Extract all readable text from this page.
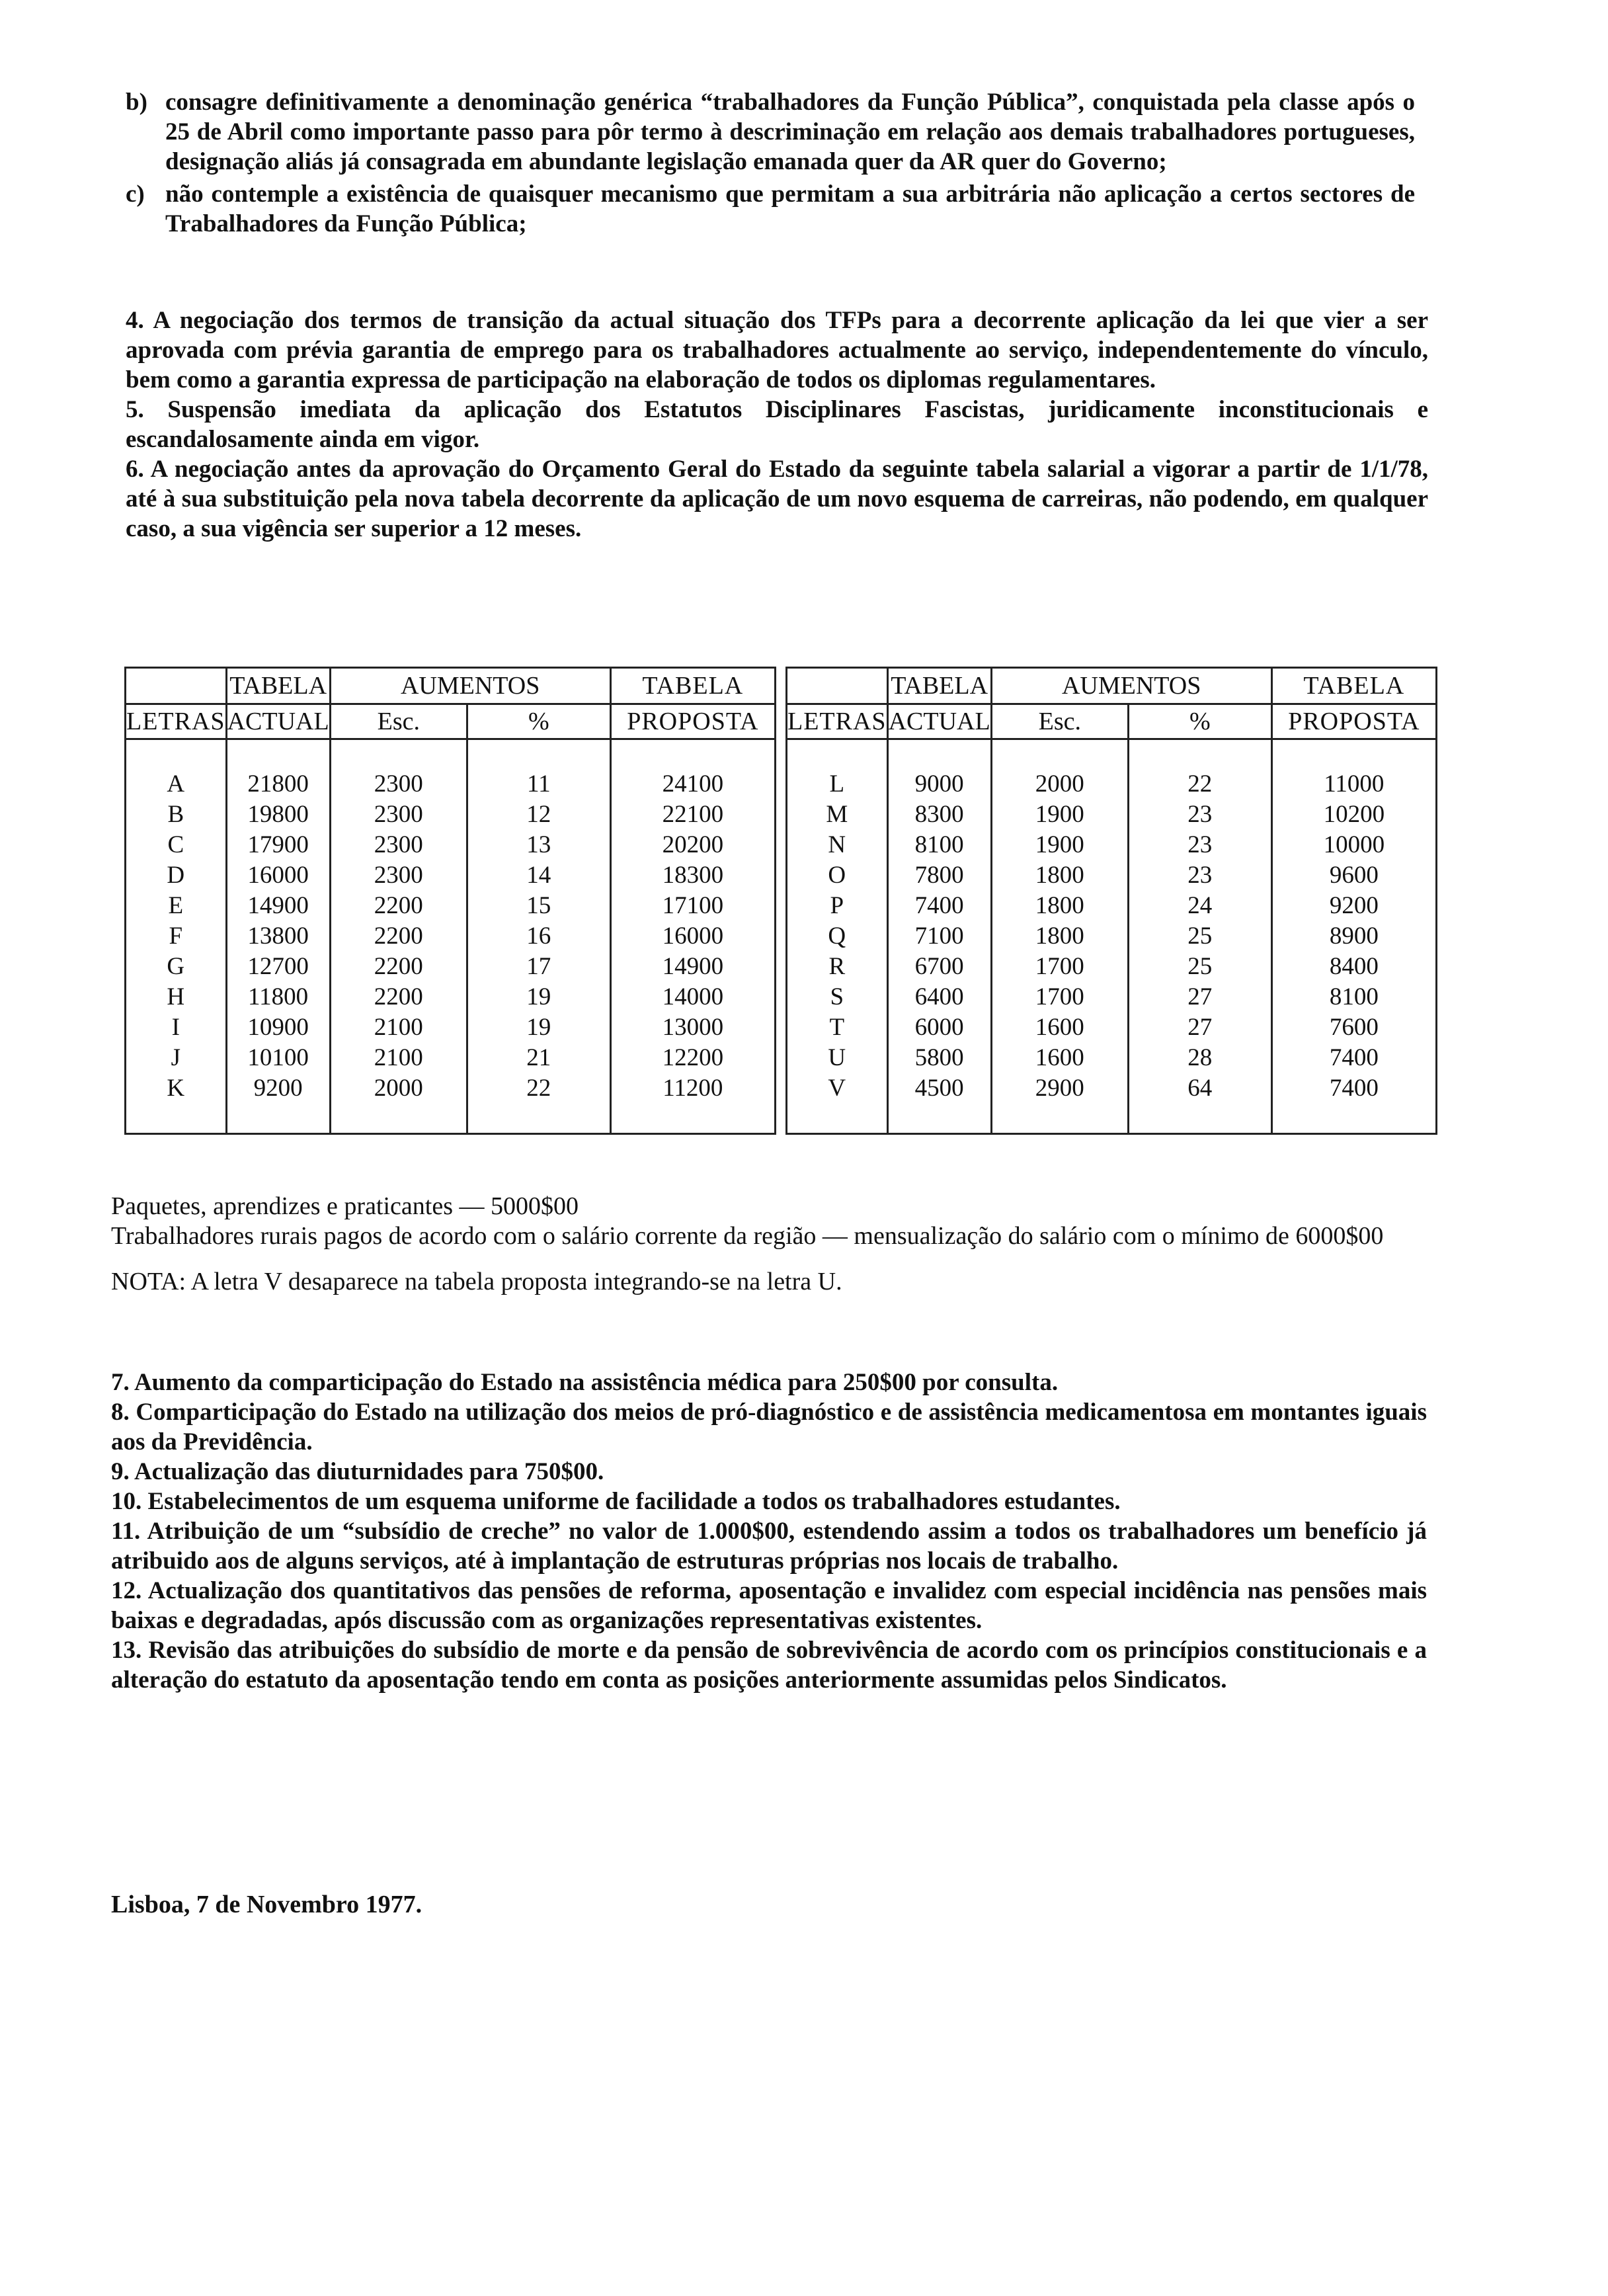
b) consagre definitivamente a denominação genérica “trabalhadores da Função Pública”, conquistada pela classe após o 25 de Abril como importante passo para pôr termo à descriminação em relação aos demais trabalhadores portugueses, designação aliás já consagrada em abundante legislação emanada quer da AR quer do Governo;
c) não contemple a existência de quaisquer mecanismo que permitam a sua arbitrária não aplicação a certos sectores de Trabalhadores da Função Pública;

4. A negociação dos termos de transição da actual situação dos TFPs para a decorrente aplicação da lei que vier a ser aprovada com prévia garantia de emprego para os trabalhadores actualmente ao serviço, independentemente do vínculo, bem como a garantia expressa de participação na elaboração de todos os diplomas regulamentares.

5. Suspensão imediata da aplicação dos Estatutos Disciplinares Fascistas, juridicamente inconstitucionais e escandalosamente ainda em vigor.

6. A negociação antes da aprovação do Orçamento Geral do Estado da seguinte tabela salarial a vigorar a partir de 1/1/78, até à sua substituição pela nova tabela decorrente da aplicação de um novo esquema de carreiras, não podendo, em qualquer caso, a sua vigência ser superior a 12 meses.

	TABELA	AUMENTOS		TABELA
LETRAS	ACTUAL	Esc.	%	PROPOSTA

A	21800	2300	11	24100
B	19800	2300	12	22100
C	17900	2300	13	20200
D	16000	2300	14	18300
E	14900	2200	15	17100
F	13800	2200	16	16000
G	12700	2200	17	14900
H	11800	2200	19	14000
I	10900	2100	19	13000
J	10100	2100	21	12200
K	9200	2000	22	11200

	TABELA	AUMENTOS		TABELA
LETRAS	ACTUAL	Esc.	%	PROPOSTA

L	9000	2000	22	11000
M	8300	1900	23	10200
N	8100	1900	23	10000
O	7800	1800	23	9600
P	7400	1800	24	9200
Q	7100	1800	25	8900
R	6700	1700	25	8400
S	6400	1700	27	8100
T	6000	1600	27	7600
U	5800	1600	28	7400
V	4500	2900	64	7400

Paquetes, aprendizes e praticantes — 5000$00

Trabalhadores rurais pagos de acordo com o salário corrente da região — mensualização do salário com o mínimo de 6000$00

NOTA: A letra V desaparece na tabela proposta integrando-se na letra U.

7. Aumento da comparticipação do Estado na assistência médica para 250$00 por consulta.

8. Comparticipação do Estado na utilização dos meios de pró-diagnóstico e de assistência medicamentosa em montantes iguais aos da Previdência.

9. Actualização das diuturnidades para 750$00.

10. Estabelecimentos de um esquema uniforme de facilidade a todos os trabalhadores estudantes.

11. Atribuição de um “subsídio de creche” no valor de 1.000$00, estendendo assim a todos os trabalhadores um benefício já atribuido aos de alguns serviços, até à implantação de estruturas próprias nos locais de trabalho.

12. Actualização dos quantitativos das pensões de reforma, aposentação e invalidez com especial incidência nas pensões mais baixas e degradadas, após discussão com as organizações representativas existentes.

13. Revisão das atribuições do subsídio de morte e da pensão de sobrevivência de acordo com os princípios constitucionais e a alteração do estatuto da aposentação tendo em conta as posições anteriormente assumidas pelos Sindicatos.

Lisboa, 7 de Novembro 1977.
